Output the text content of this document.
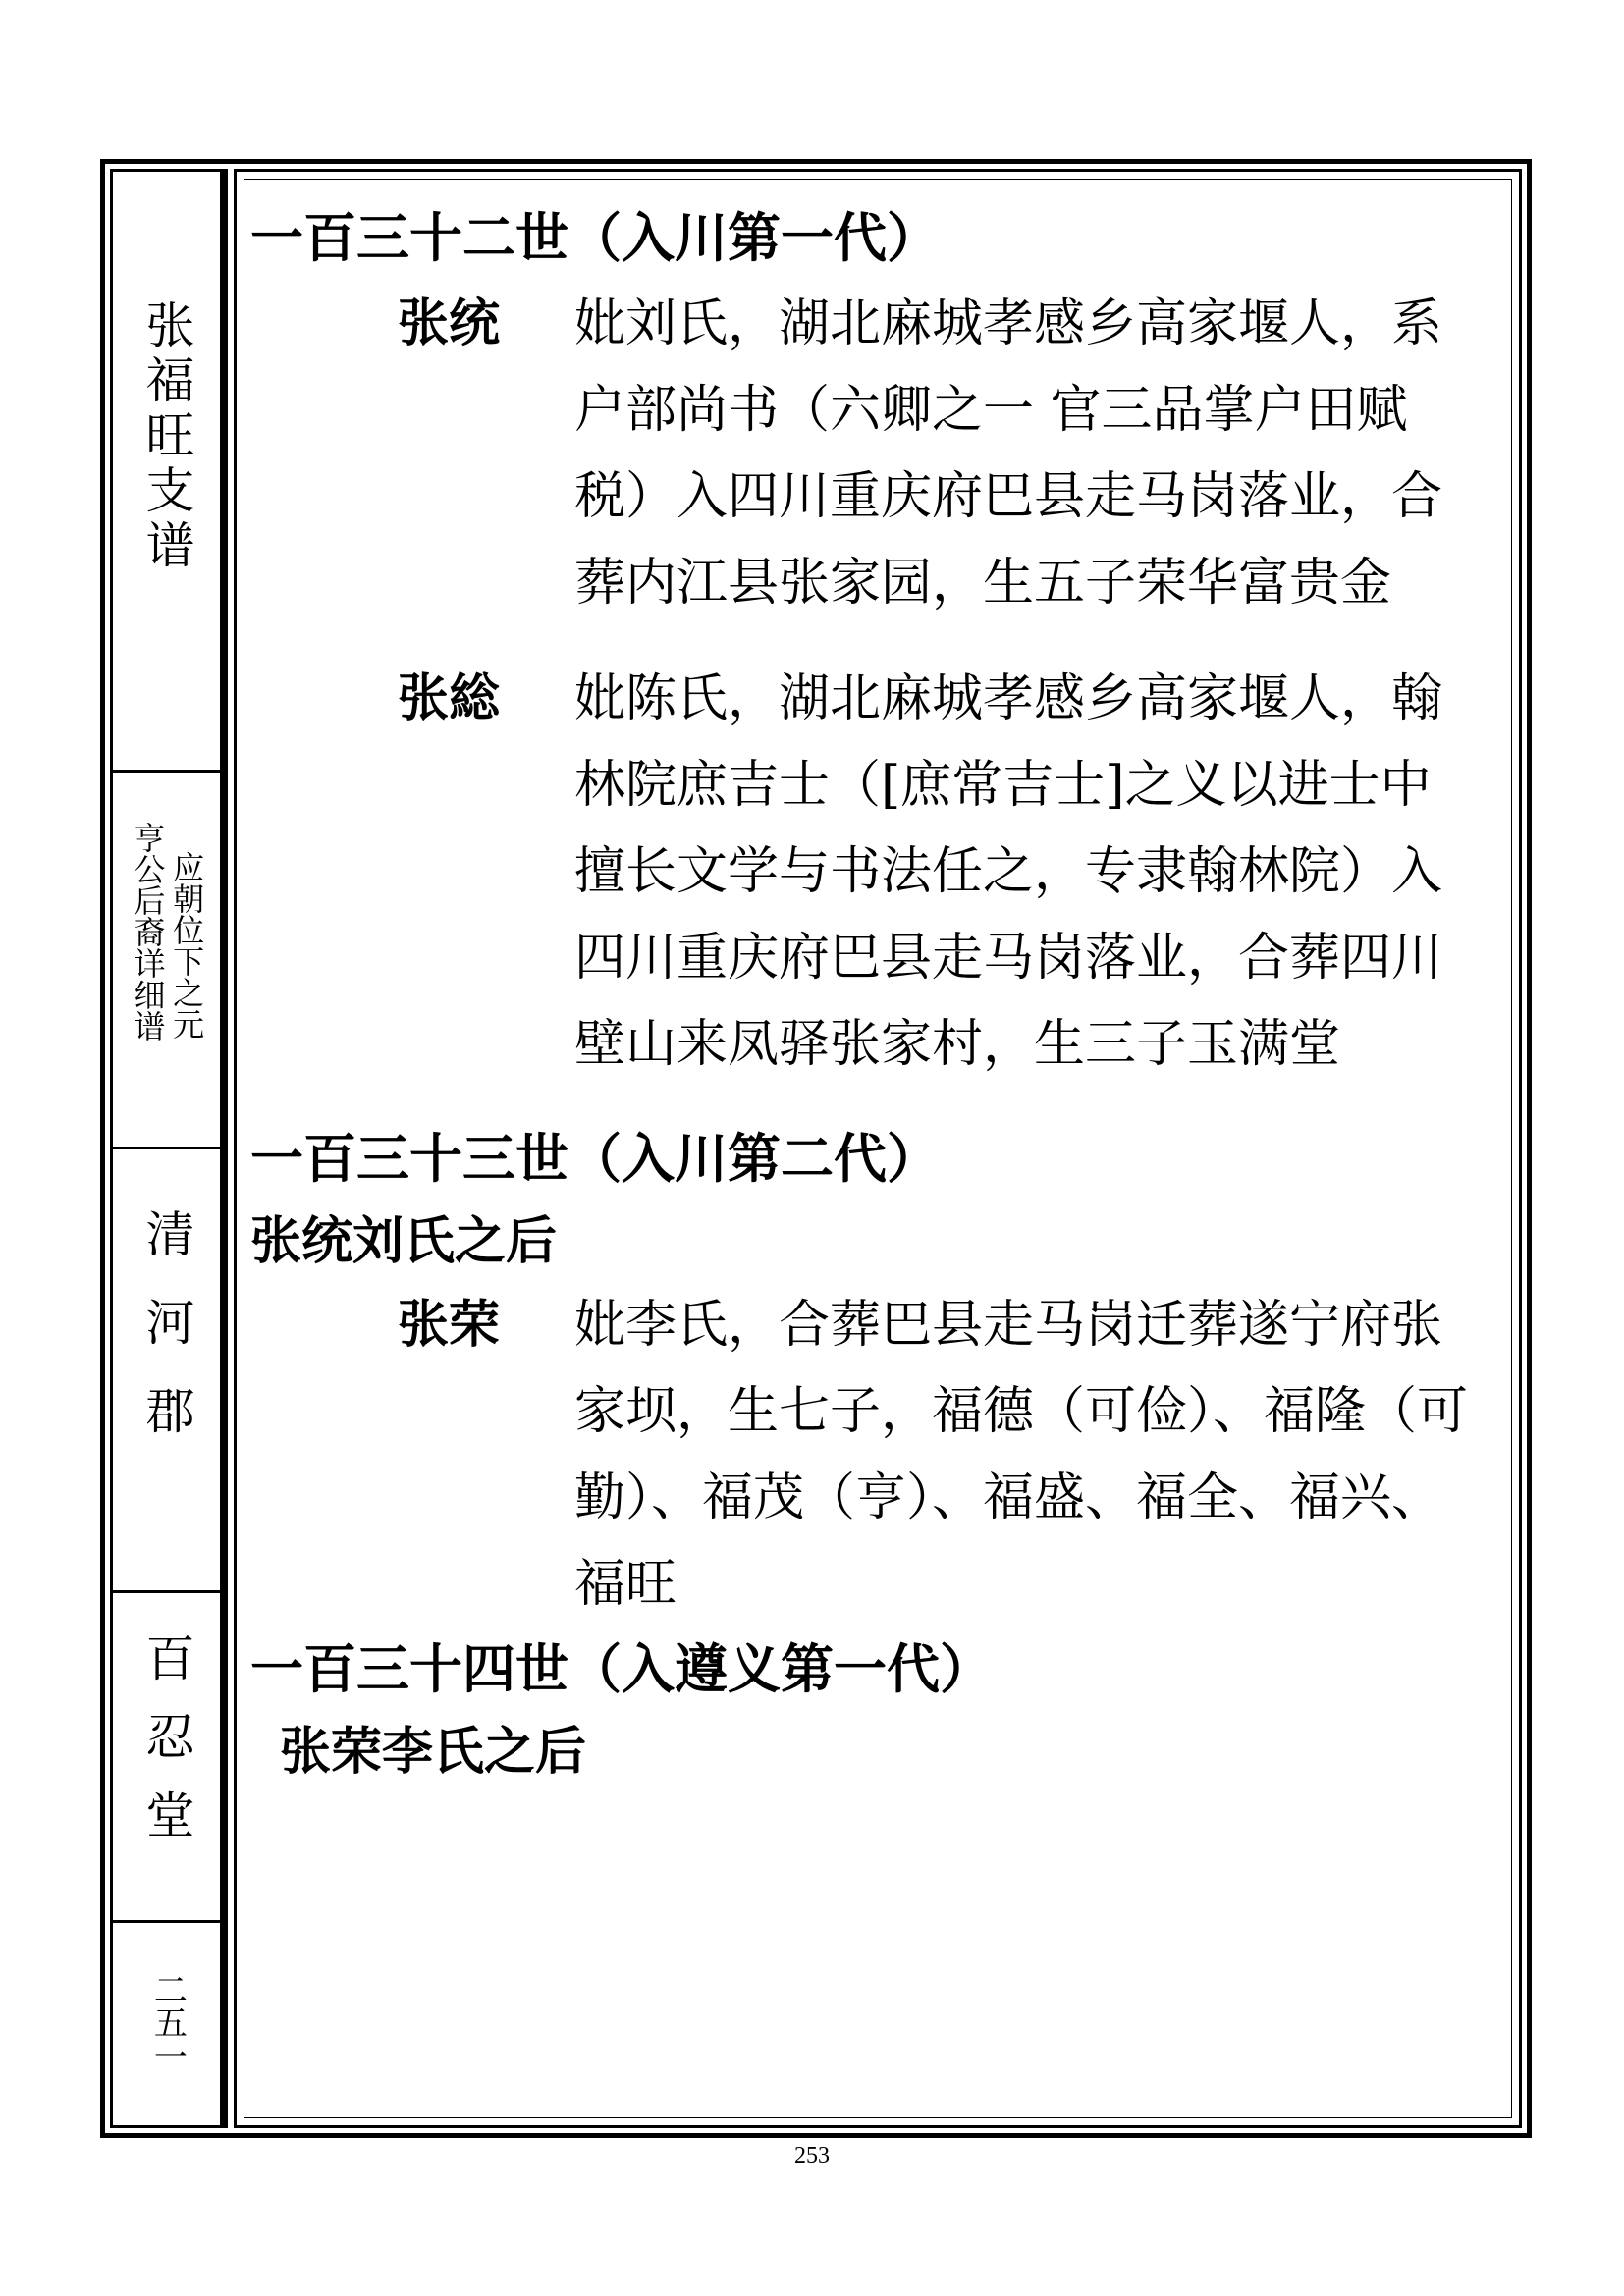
张福旺支谱
应朝位下之元
亨公后裔详细谱
清河郡
百忍堂
二五一

一百三十二世（入川第一代）

张统	妣刘氏，湖北麻城孝感乡高家堰人，系户部尚书（六卿之一 官三品掌户田赋税）入四川重庆府巴县走马岗落业，合葬内江县张家园，生五子荣华富贵金

张総	妣陈氏，湖北麻城孝感乡高家堰人，翰林院庶吉士（[庶常吉士]之义以进士中擅长文学与书法任之，专隶翰林院）入四川重庆府巴县走马岗落业，合葬四川壁山来凤驿张家村，生三子玉满堂

一百三十三世（入川第二代）

张统刘氏之后

张荣	妣李氏，合葬巴县走马岗迁葬遂宁府张家坝，生七子，福德（可俭）、福隆（可勤）、福茂（亨）、福盛、福全、福兴、福旺

一百三十四世（入遵义第一代）

张荣李氏之后

253
